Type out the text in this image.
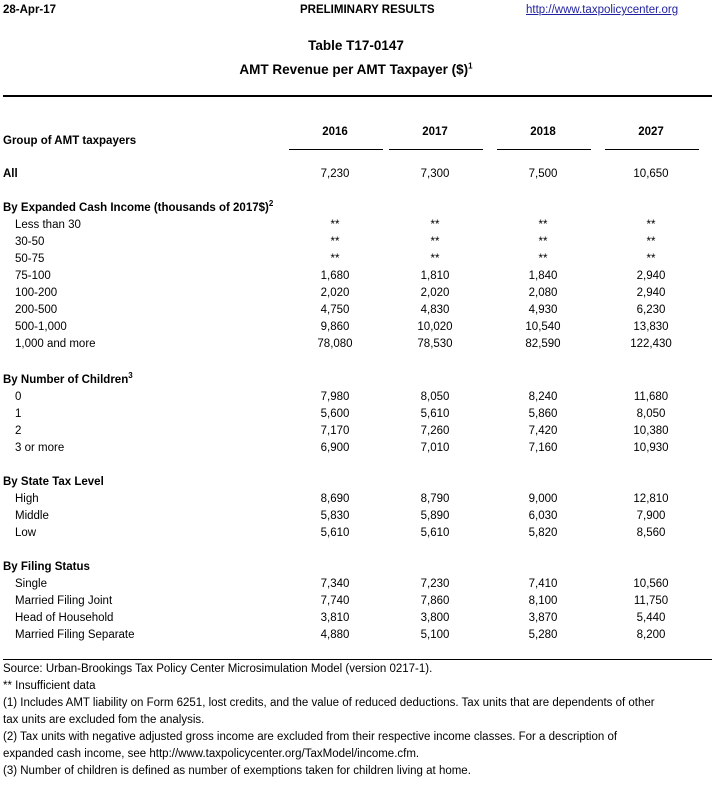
28-Apr-17	PRELIMINARY RESULTS	http://www.taxpolicycenter.org
Table T17-0147
AMT Revenue per AMT Taxpayer ($)$^1$
Group of AMT taxpayers
2016	2017	2018	2027
All	7,230	7,300	7,500	10,650
By Expanded Cash Income (thousands of 2017$)$^2$
Less than 30	**	**	**	**
30-50	**	**	**	**
50-75	**	**	**	**
75-100	1,680	1,810	1,840	2,940
100-200	2,020	2,020	2,080	2,940
200-500	4,750	4,830	4,930	6,230
500-1,000	9,860	10,020	10,540	13,830
1,000 and more	78,080	78,530	82,590	122,430
By Number of Children$^3$
0	7,980	8,050	8,240	11,680
1	5,600	5,610	5,860	8,050
2	7,170	7,260	7,420	10,380
3 or more	6,900	7,010	7,160	10,930
By State Tax Level
High	8,690	8,790	9,000	12,810
Middle	5,830	5,890	6,030	7,900
Low	5,610	5,610	5,820	8,560
By Filing Status
Single	7,340	7,230	7,410	10,560
Married Filing Joint	7,740	7,860	8,100	11,750
Head of Household	3,810	3,800	3,870	5,440
Married Filing Separate	4,880	5,100	5,280	8,200
Source: Urban-Brookings Tax Policy Center Microsimulation Model (version 0217-1).
** Insufficient data
(1) Includes AMT liability on Form 6251, lost credits, and the value of reduced deductions. Tax units that are dependents of other
tax units are excluded fom the analysis.
(2) Tax units with negative adjusted gross income are excluded from their respective income classes. For a description of
expanded cash income, see http://www.taxpolicycenter.org/TaxModel/income.cfm.
(3) Number of children is defined as number of exemptions taken for children living at home.
